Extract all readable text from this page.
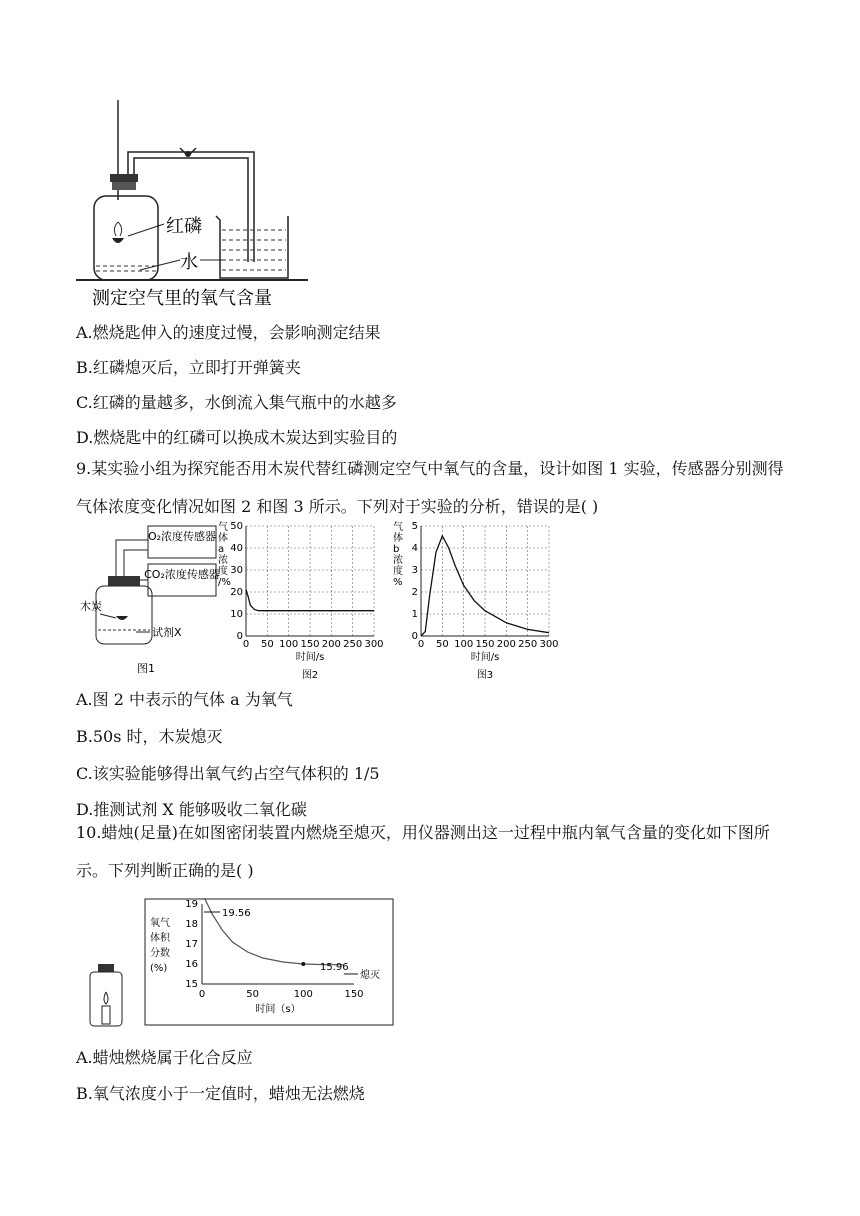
红磷
水
测定空气里的氧气含量
A.燃烧匙伸入的速度过慢，会影响测定结果
B.红磷熄灭后，立即打开弹簧夹
C.红磷的量越多，水倒流入集气瓶中的水越多
D.燃烧匙中的红磷可以换成木炭达到实验目的
9.某实验小组为探究能否用木炭代替红磷测定空气中氧气的含量，设计如图 1 实验，传感器分别测得气体浓度变化情况如图 2 和图 3 所示。下列对于实验的分析，错误的是( )
O₂浓度传感器
CO₂浓度传感器
木炭
试剂X
图1
0 50 100 150 200 250 300
0
10
20
30
40
50
气体 a 浓度/%
时间/s
图2
0 50 100 150 200 250 300
0
1
2
3
4
5
气体 b 浓度%
时间/s
图3
A.图 2 中表示的气体 a 为氧气
B.50s 时，木炭熄灭
C.该实验能够得出氧气约占空气体积的 1/5
D.推测试剂 X 能够吸收二氧化碳
10.蜡烛(足量)在如图密闭装置内燃烧至熄灭，用仪器测出这一过程中瓶内氧气含量的变化如下图所示。下列判断正确的是( )
0	50	100	150
15
16
17
18
19
19.56
15.96
熄灭
氧气体积分数(%)
时间（s）
A.蜡烛燃烧属于化合反应
B.氧气浓度小于一定值时，蜡烛无法燃烧
